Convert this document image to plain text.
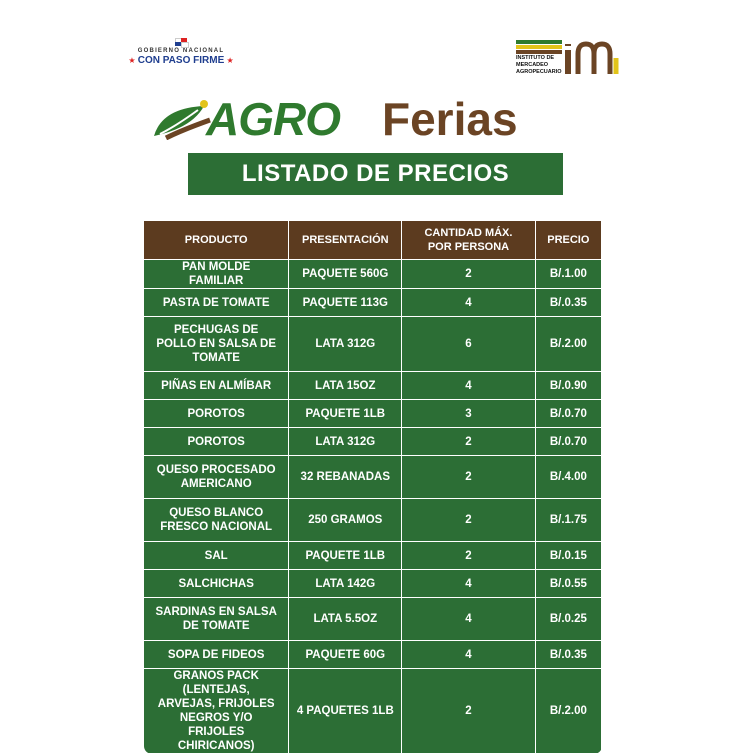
GOBIERNO NACIONAL
★ CON PASO FIRME ★	INSTITUTO DE
MERCADEO
AGROPECUARIO
AGRO Ferias
LISTADO DE PRECIOS
PRODUCTO	PRESENTACIÓN	CANTIDAD MÁX. POR PERSONA	PRECIO
PAN MOLDE FAMILIAR	PAQUETE 560G	2	B/.1.00
PASTA DE TOMATE	PAQUETE 113G	4	B/.0.35
PECHUGAS DE POLLO EN SALSA DE TOMATE	LATA 312G	6	B/.2.00
PIÑAS EN ALMÍBAR	LATA 15OZ	4	B/.0.90
POROTOS	PAQUETE 1LB	3	B/.0.70
POROTOS	LATA 312G	2	B/.0.70
QUESO PROCESADO AMERICANO	32 REBANADAS	2	B/.4.00
QUESO BLANCO FRESCO NACIONAL	250 GRAMOS	2	B/.1.75
SAL	PAQUETE 1LB	2	B/.0.15
SALCHICHAS	LATA 142G	4	B/.0.55
SARDINAS EN SALSA DE TOMATE	LATA 5.5OZ	4	B/.0.25
SOPA DE FIDEOS	PAQUETE 60G	4	B/.0.35
GRANOS PACK (LENTEJAS, ARVEJAS, FRIJOLES NEGROS Y/O FRIJOLES CHIRICANOS)	4 PAQUETES 1LB	2	B/.2.00
